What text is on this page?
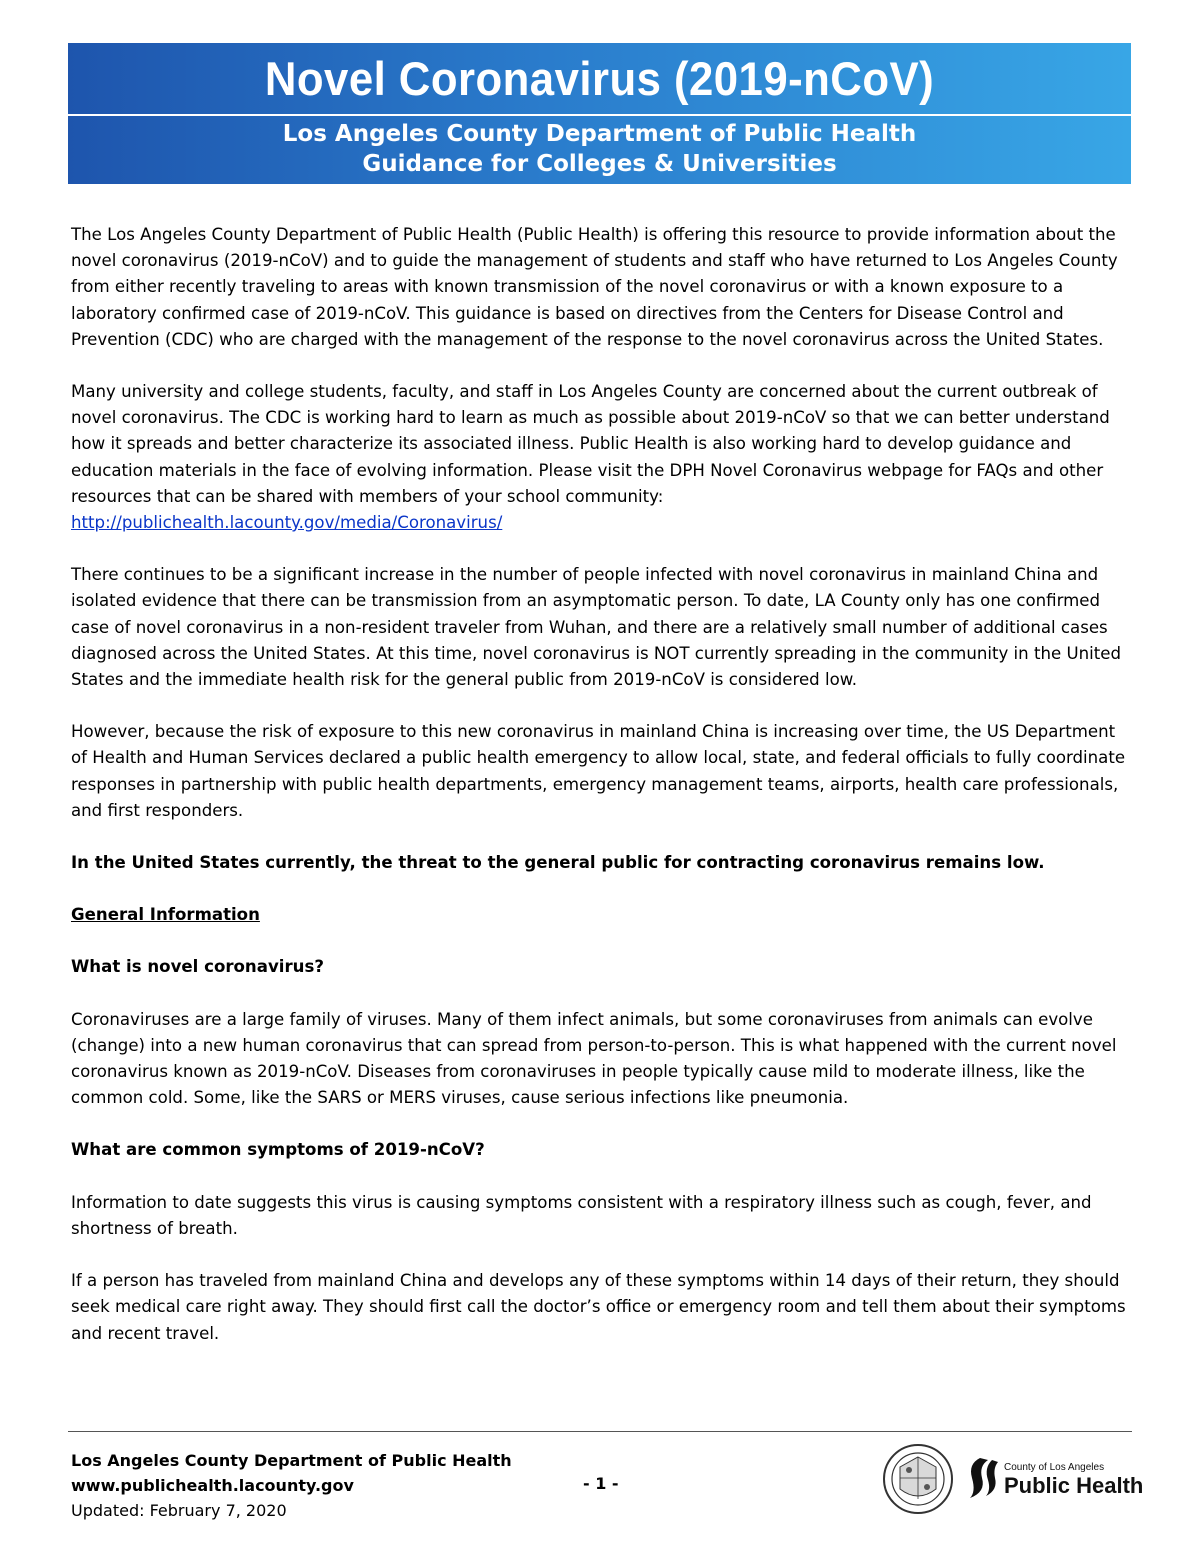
Novel Coronavirus (2019-nCoV)
Los Angeles County Department of Public Health
Guidance for Colleges & Universities

The Los Angeles County Department of Public Health (Public Health) is offering this resource to provide information about the novel coronavirus (2019-nCoV) and to guide the management of students and staff who have returned to Los Angeles County from either recently traveling to areas with known transmission of the novel coronavirus or with a known exposure to a laboratory confirmed case of 2019-nCoV. This guidance is based on directives from the Centers for Disease Control and Prevention (CDC) who are charged with the management of the response to the novel coronavirus across the United States.

Many university and college students, faculty, and staff in Los Angeles County are concerned about the current outbreak of novel coronavirus. The CDC is working hard to learn as much as possible about 2019-nCoV so that we can better understand how it spreads and better characterize its associated illness. Public Health is also working hard to develop guidance and education materials in the face of evolving information. Please visit the DPH Novel Coronavirus webpage for FAQs and other resources that can be shared with members of your school community:
http://publichealth.lacounty.gov/media/Coronavirus/

There continues to be a significant increase in the number of people infected with novel coronavirus in mainland China and isolated evidence that there can be transmission from an asymptomatic person. To date, LA County only has one confirmed case of novel coronavirus in a non-resident traveler from Wuhan, and there are a relatively small number of additional cases diagnosed across the United States. At this time, novel coronavirus is NOT currently spreading in the community in the United States and the immediate health risk for the general public from 2019-nCoV is considered low.

However, because the risk of exposure to this new coronavirus in mainland China is increasing over time, the US Department of Health and Human Services declared a public health emergency to allow local, state, and federal officials to fully coordinate responses in partnership with public health departments, emergency management teams, airports, health care professionals, and first responders.

In the United States currently, the threat to the general public for contracting coronavirus remains low.

General Information

What is novel coronavirus?

Coronaviruses are a large family of viruses. Many of them infect animals, but some coronaviruses from animals can evolve (change) into a new human coronavirus that can spread from person-to-person. This is what happened with the current novel coronavirus known as 2019-nCoV. Diseases from coronaviruses in people typically cause mild to moderate illness, like the common cold. Some, like the SARS or MERS viruses, cause serious infections like pneumonia.

What are common symptoms of 2019-nCoV?

Information to date suggests this virus is causing symptoms consistent with a respiratory illness such as cough, fever, and shortness of breath.

If a person has traveled from mainland China and develops any of these symptoms within 14 days of their return, they should seek medical care right away. They should first call the doctor’s office or emergency room and tell them about their symptoms and recent travel.

Los Angeles County Department of Public Health
www.publichealth.lacounty.gov
Updated: February 7, 2020
- 1 -
County of Los Angeles
Public Health
